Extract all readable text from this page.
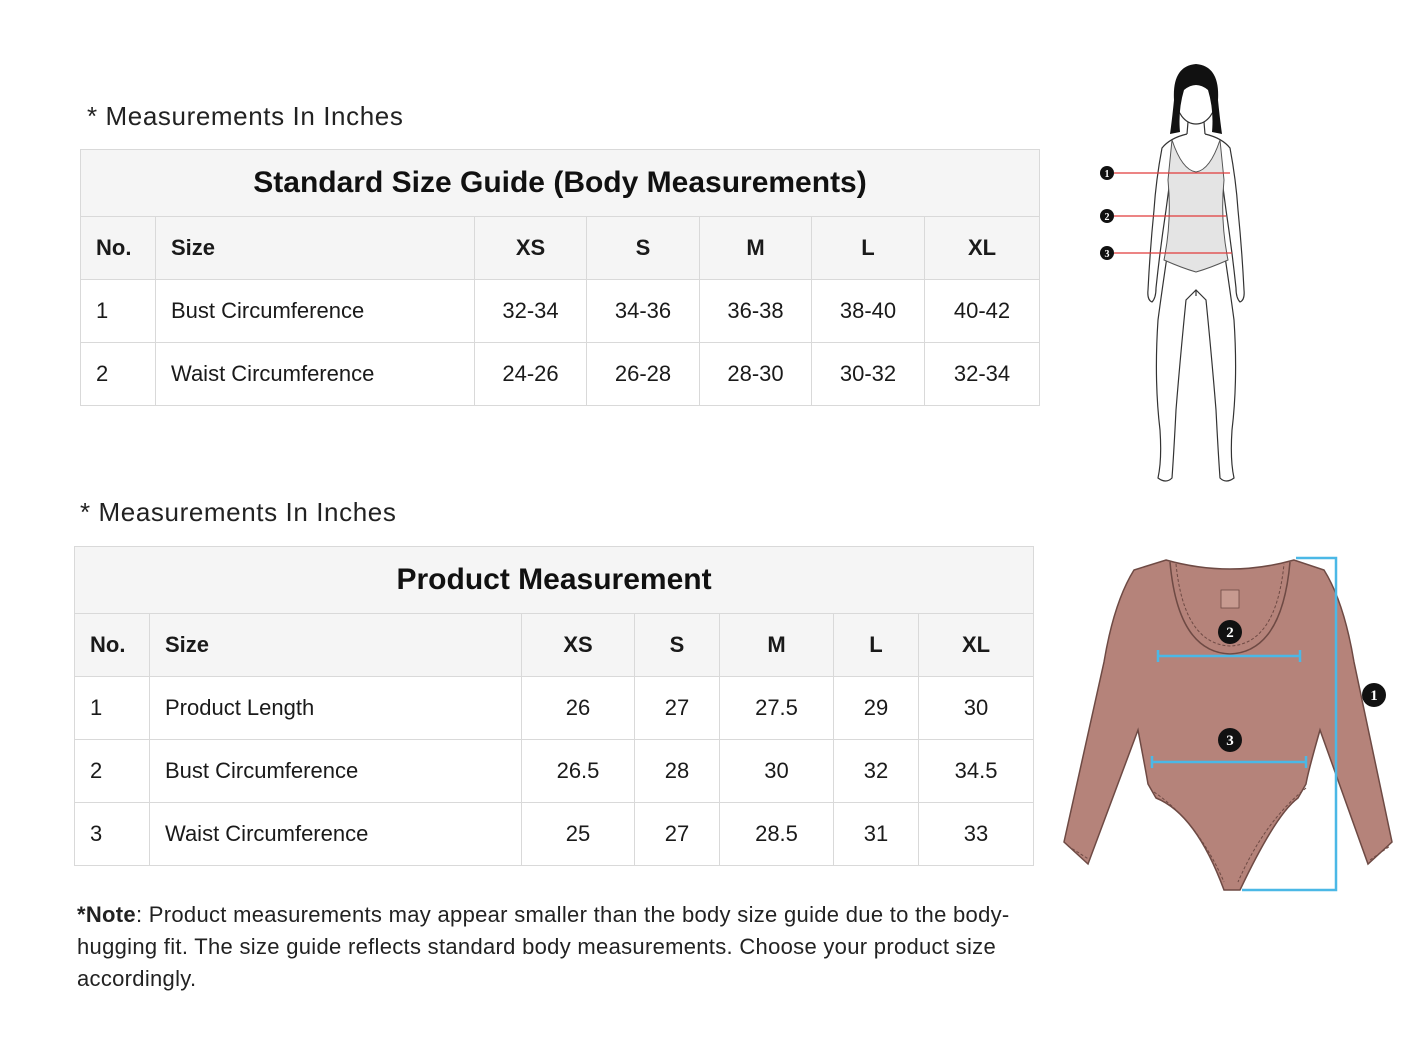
* Measurements In Inches
Standard Size Guide (Body Measurements)						
No.	Size	XS	S	M	L	XL
1	Bust Circumference	32-34	34-36	36-38	38-40	40-42
2	Waist Circumference	24-26	26-28	28-30	30-32	32-34
1
2
3
* Measurements In Inches
Product Measurement						
No.	Size	XS	S	M	L	XL
1	Product Length	26	27	27.5	29	30
2	Bust Circumference	26.5	28	30	32	34.5
3	Waist Circumference	25	27	28.5	31	33
1
2
3
*Note: Product measurements may appear smaller than the body size guide due to the body-hugging fit. The size guide reflects standard body measurements. Choose your product size accordingly.
